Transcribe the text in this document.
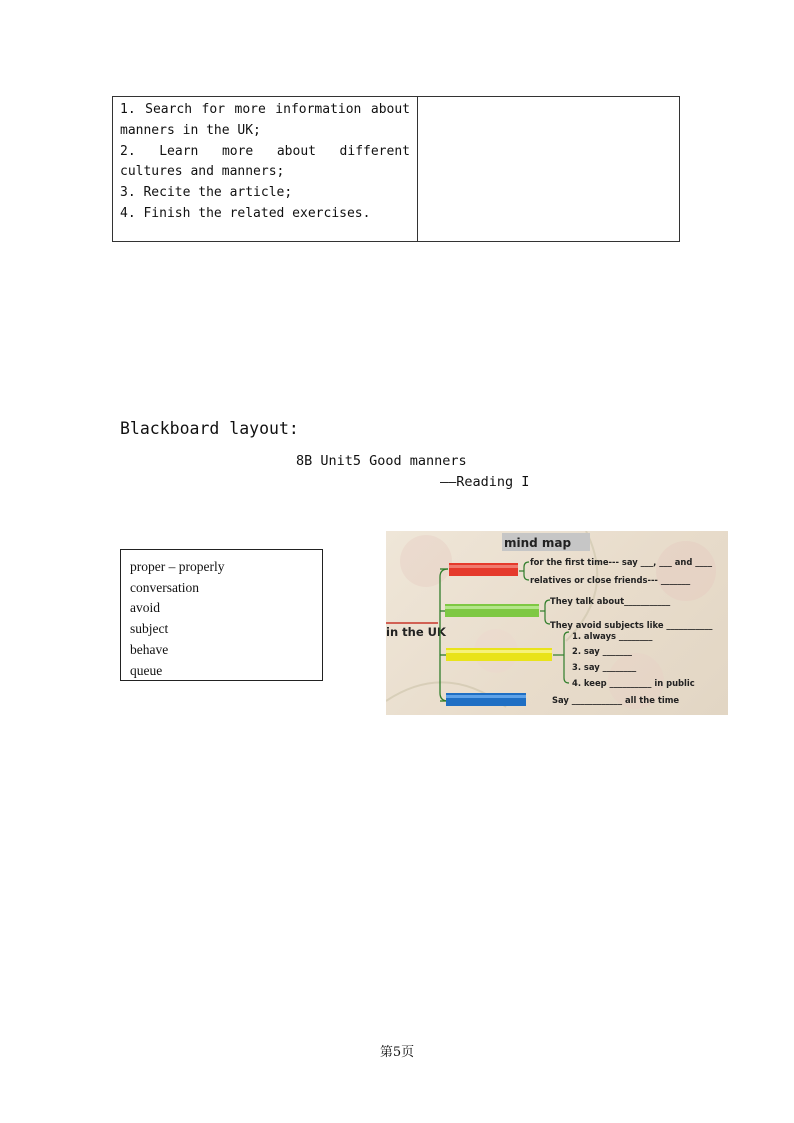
1. Search for more information about manners in the UK;
2. Learn more about different cultures and manners;
3. Recite the article;
4. Finish the related exercises.

Blackboard layout:
8B Unit5 Good manners
——Reading I
proper – properly
conversation
avoid
subject
behave
queue
mind map
in the UK
for the first time--- say ___, ___ and ____
relatives or close friends--- _______
They talk about___________
They avoid subjects like ___________
1. always ________
2. say _______
3. say ________
4. keep __________ in public
Say ____________ all the time
第5页
